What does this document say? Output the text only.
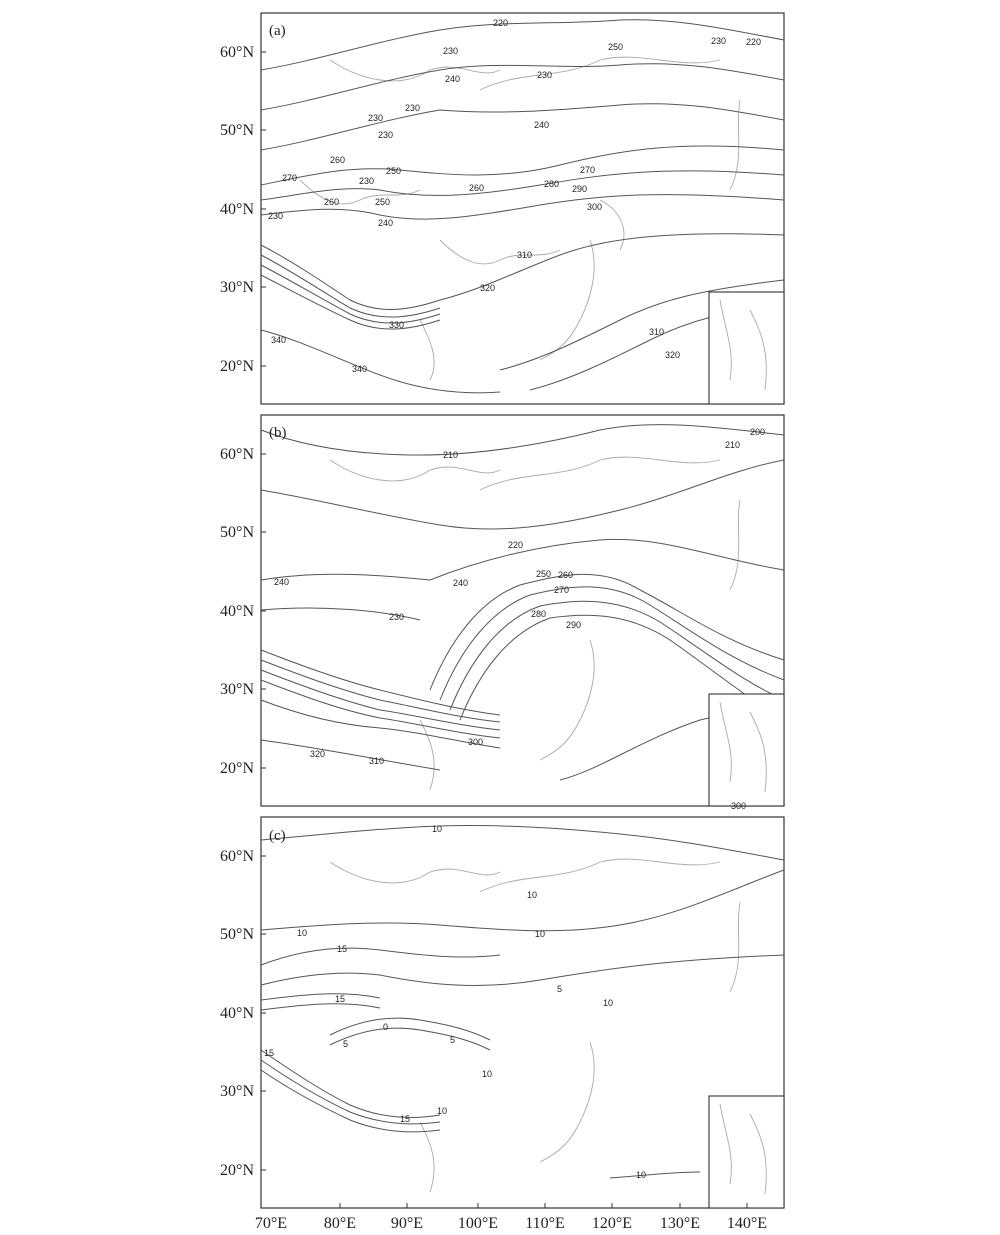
(a)	220
230	250
230 220
230
240
230
230
240
230
260
250
270	230
260	250
240
260
270
280 290
300
230
310
320
330
310
320
340
340
(b)	200
210
210
220
240
250 260
270
280
240
230
290
300
320
310
300
(c)	10
10
10	10
15
15
5
10
0
5
5
15
10
15
10
10
60°N
50°N
40°N
30°N
20°N
60°N
50°N
40°N
30°N
20°N
60°N
50°N
40°N
30°N
20°N
70°E 80°E 90°E 100°E 110°E 120°E 130°E 140°E
